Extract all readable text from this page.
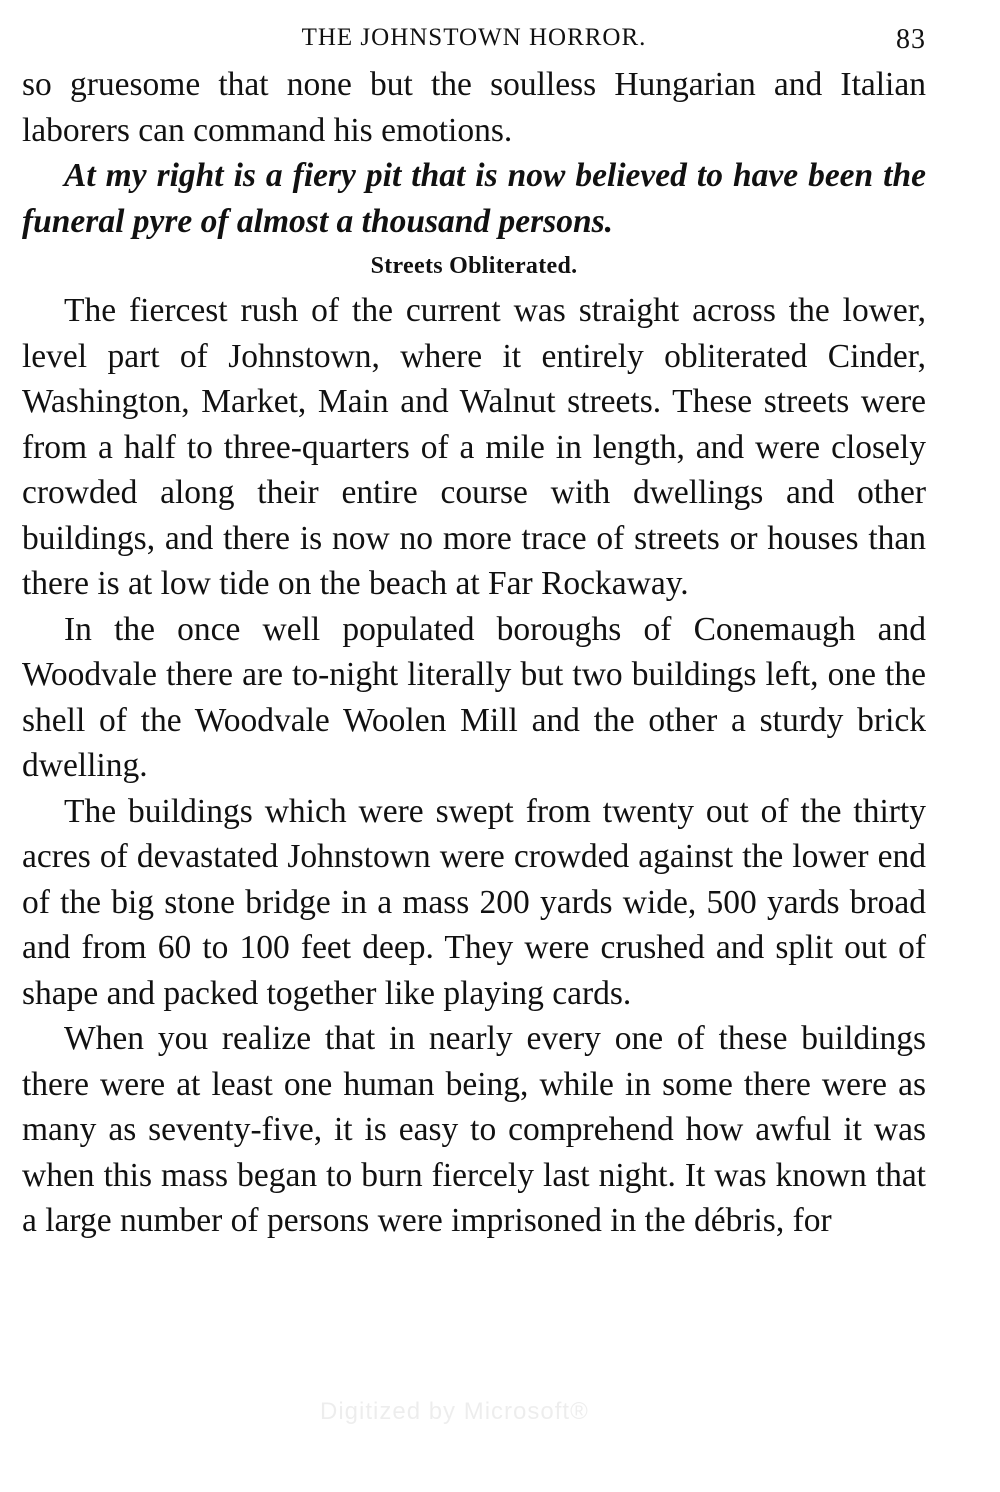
THE JOHNSTOWN HORROR.	83

so gruesome that none but the soulless Hungarian and Italian laborers can command his emotions.

At my right is a fiery pit that is now believed to have been the funeral pyre of almost a thousand persons.

Streets Obliterated.

The fiercest rush of the current was straight across the lower, level part of Johnstown, where it entirely obliterated Cinder, Washington, Market, Main and Walnut streets. These streets were from a half to three-quarters of a mile in length, and were closely crowded along their entire course with dwellings and other buildings, and there is now no more trace of streets or houses than there is at low tide on the beach at Far Rockaway.

In the once well populated boroughs of Conemaugh and Woodvale there are to-night literally but two buildings left, one the shell of the Woodvale Woolen Mill and the other a sturdy brick dwelling.

The buildings which were swept from twenty out of the thirty acres of devastated Johnstown were crowded against the lower end of the big stone bridge in a mass 200 yards wide, 500 yards broad and from 60 to 100 feet deep. They were crushed and split out of shape and packed together like playing cards.

When you realize that in nearly every one of these buildings there were at least one human being, while in some there were as many as seventy-five, it is easy to comprehend how awful it was when this mass began to burn fiercely last night. It was known that a large number of persons were imprisoned in the débris, for

Digitized by Microsoft®
